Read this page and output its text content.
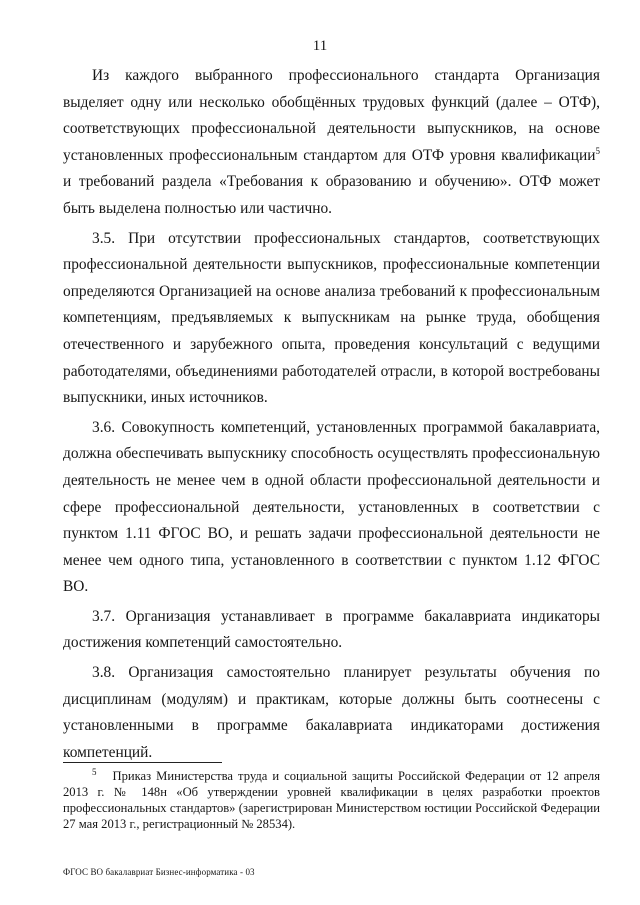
11

Из каждого выбранного профессионального стандарта Организация выделяет одну или несколько обобщённых трудовых функций (далее – ОТФ), соответствующих профессиональной деятельности выпускников, на основе установленных профессиональным стандартом для ОТФ уровня квалификации$^5$ и требований раздела «Требования к образованию и обучению». ОТФ может быть выделена полностью или частично.

3.5. При отсутствии профессиональных стандартов, соответствующих профессиональной деятельности выпускников, профессиональные компетенции определяются Организацией на основе анализа требований к профессиональным компетенциям, предъявляемых к выпускникам на рынке труда, обобщения отечественного и зарубежного опыта, проведения консультаций с ведущими работодателями, объединениями работодателей отрасли, в которой востребованы выпускники, иных источников.

3.6. Совокупность компетенций, установленных программой бакалавриата, должна обеспечивать выпускнику способность осуществлять профессиональную деятельность не менее чем в одной области профессиональной деятельности и сфере профессиональной деятельности, установленных в соответствии с пунктом 1.11 ФГОС ВО, и решать задачи профессиональной деятельности не менее чем одного типа, установленного в соответствии с пунктом 1.12 ФГОС ВО.

3.7. Организация устанавливает в программе бакалавриата индикаторы достижения компетенций самостоятельно.

3.8. Организация самостоятельно планирует результаты обучения по дисциплинам (модулям) и практикам, которые должны быть соотнесены с установленными в программе бакалавриата индикаторами достижения компетенций.

$^5$ Приказ Министерства труда и социальной защиты Российской Федерации от 12 апреля 2013 г. № 148н «Об утверждении уровней квалификации в целях разработки проектов профессиональных стандартов» (зарегистрирован Министерством юстиции Российской Федерации 27 мая 2013 г., регистрационный № 28534).
ФГОС ВО бакалавриат Бизнес-информатика - 03
